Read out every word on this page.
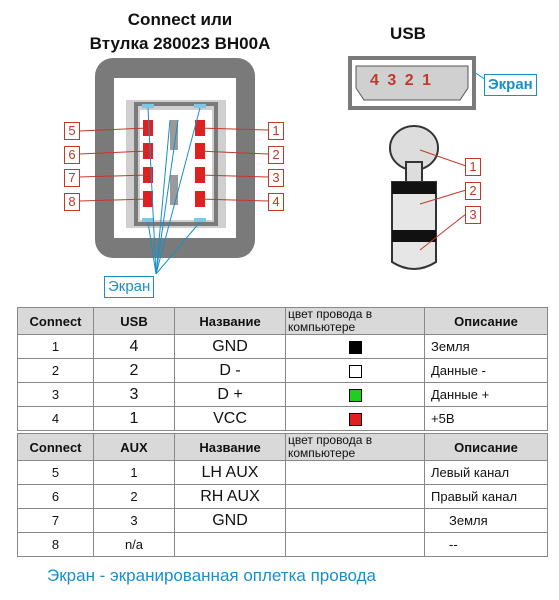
Connect или
Втулка 280023 BH00A
USB
5
6
7
8
1
2
3
4
Экран
4 3 2 1	Экран
1
2
3
Connect	USB	Название	цвет провода в компьютере	Описание
1	4	GND		Земля
2	2	D -		Данные -
3	3	D +		Данные +
4	1	VCC		+5В
Connect	AUX	Название	цвет провода в компьютере	Описание
5	1	LH AUX		Левый канал
6	2	RH AUX		Правый канал
7	3	GND		Земля
8	n/a			--
Экран - экранированная оплетка провода
